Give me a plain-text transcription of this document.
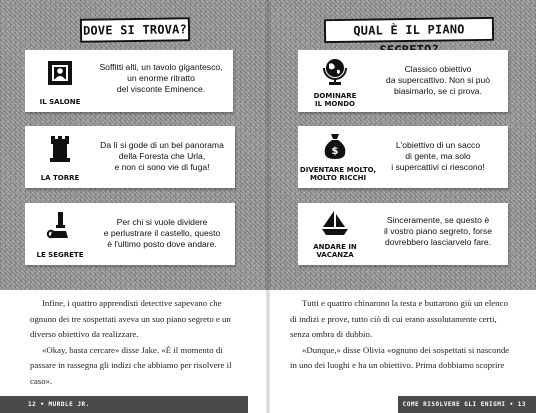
DOVE SI TROVA?
IL SALONE
Soffitti alti, un tavolo gigantesco,
un enorme ritratto
del visconte Eminence.
LA TORRE
Da lì si gode di un bel panorama
della Foresta che Urla,
e non ci sono vie di fuga!
LE SEGRETE
Per chi si vuole dividere
e perlustrare il castello, questo
è l'ultimo posto dove andare.

Infine, i quattro apprendisti detective sapevano che ognuno dei tre sospettati aveva un suo piano segreto e un diverso obiettivo da realizzare.

«Okay, basta cercare» disse Jake. «È il momento di passare in rassegna gli indizi che abbiamo per risolvere il caso».

12 • MURDLE JR.
QUAL È IL PIANO
DOMINARE
IL MONDO
Classico obiettivo
da supercattivo. Non si può
biasimarlo, se ci prova.
$
DIVENTARE MOLTO,
MOLTO RICCHI
L'obiettivo di un sacco
di gente, ma solo
i supercattivi ci riescono!
ANDARE IN
VACANZA
Sinceramente, se questo è
il vostro piano segreto, forse
dovrebbero lasciarvelo fare.

Tutti e quattro chinarono la testa e buttarono giù un elenco di indizi e prove, tutto ciò di cui erano assolutamente certi, senza ombra di dubbio.

«Dunque,» disse Olivia «ognuno dei sospettati si nasconde in uno dei luoghi e ha un obiettivo. Prima dobbiamo scoprire

COME RISOLVERE GLI ENIGMI • 13
